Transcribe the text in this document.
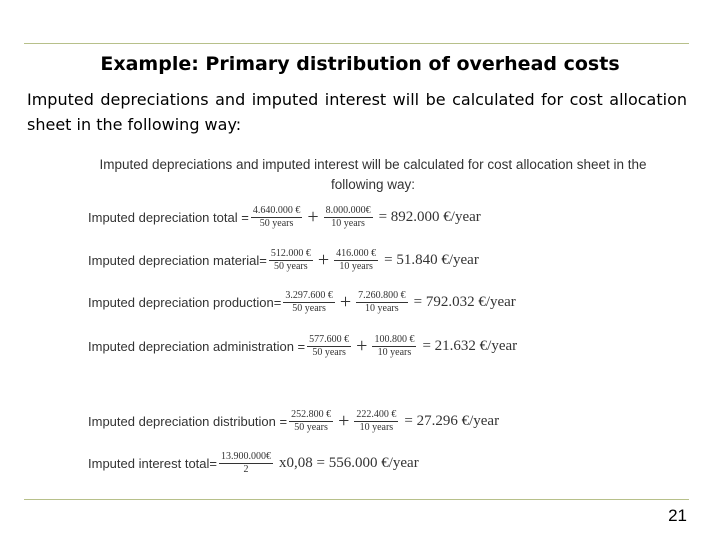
Example: Primary distribution of overhead costs
Imputed depreciations and imputed interest will be calculated for cost allocation sheet in the following way:
Imputed depreciations and imputed interest will be calculated for cost allocation sheet in the
following way:
Imputed depreciation total = $\frac{4.640.000 €}{\text{50 years}} + \frac{8.000.000€}{\text{10 years}} = 892.000$ €/year
Imputed depreciation material= $\frac{512.000 €}{\text{50 years}} + \frac{416.000 €}{\text{10 years}} = 51.840$ €/year
Imputed depreciation production= $\frac{3.297.600 €}{\text{50 years}} + \frac{7.260.800 €}{\text{10 years}} = 792.032$ €/year
Imputed depreciation administration = $\frac{577.600 €}{\text{50 years}} + \frac{100.800 €}{\text{10 years}} = 21.632$ €/year
Imputed depreciation distribution = $\frac{252.800 €}{\text{50 years}} + \frac{222.400 €}{\text{10 years}} = 27.296$ €/year
Imputed interest total= $\frac{13.900.000€}{2} x0,08 = 556.000$ €/year
21
